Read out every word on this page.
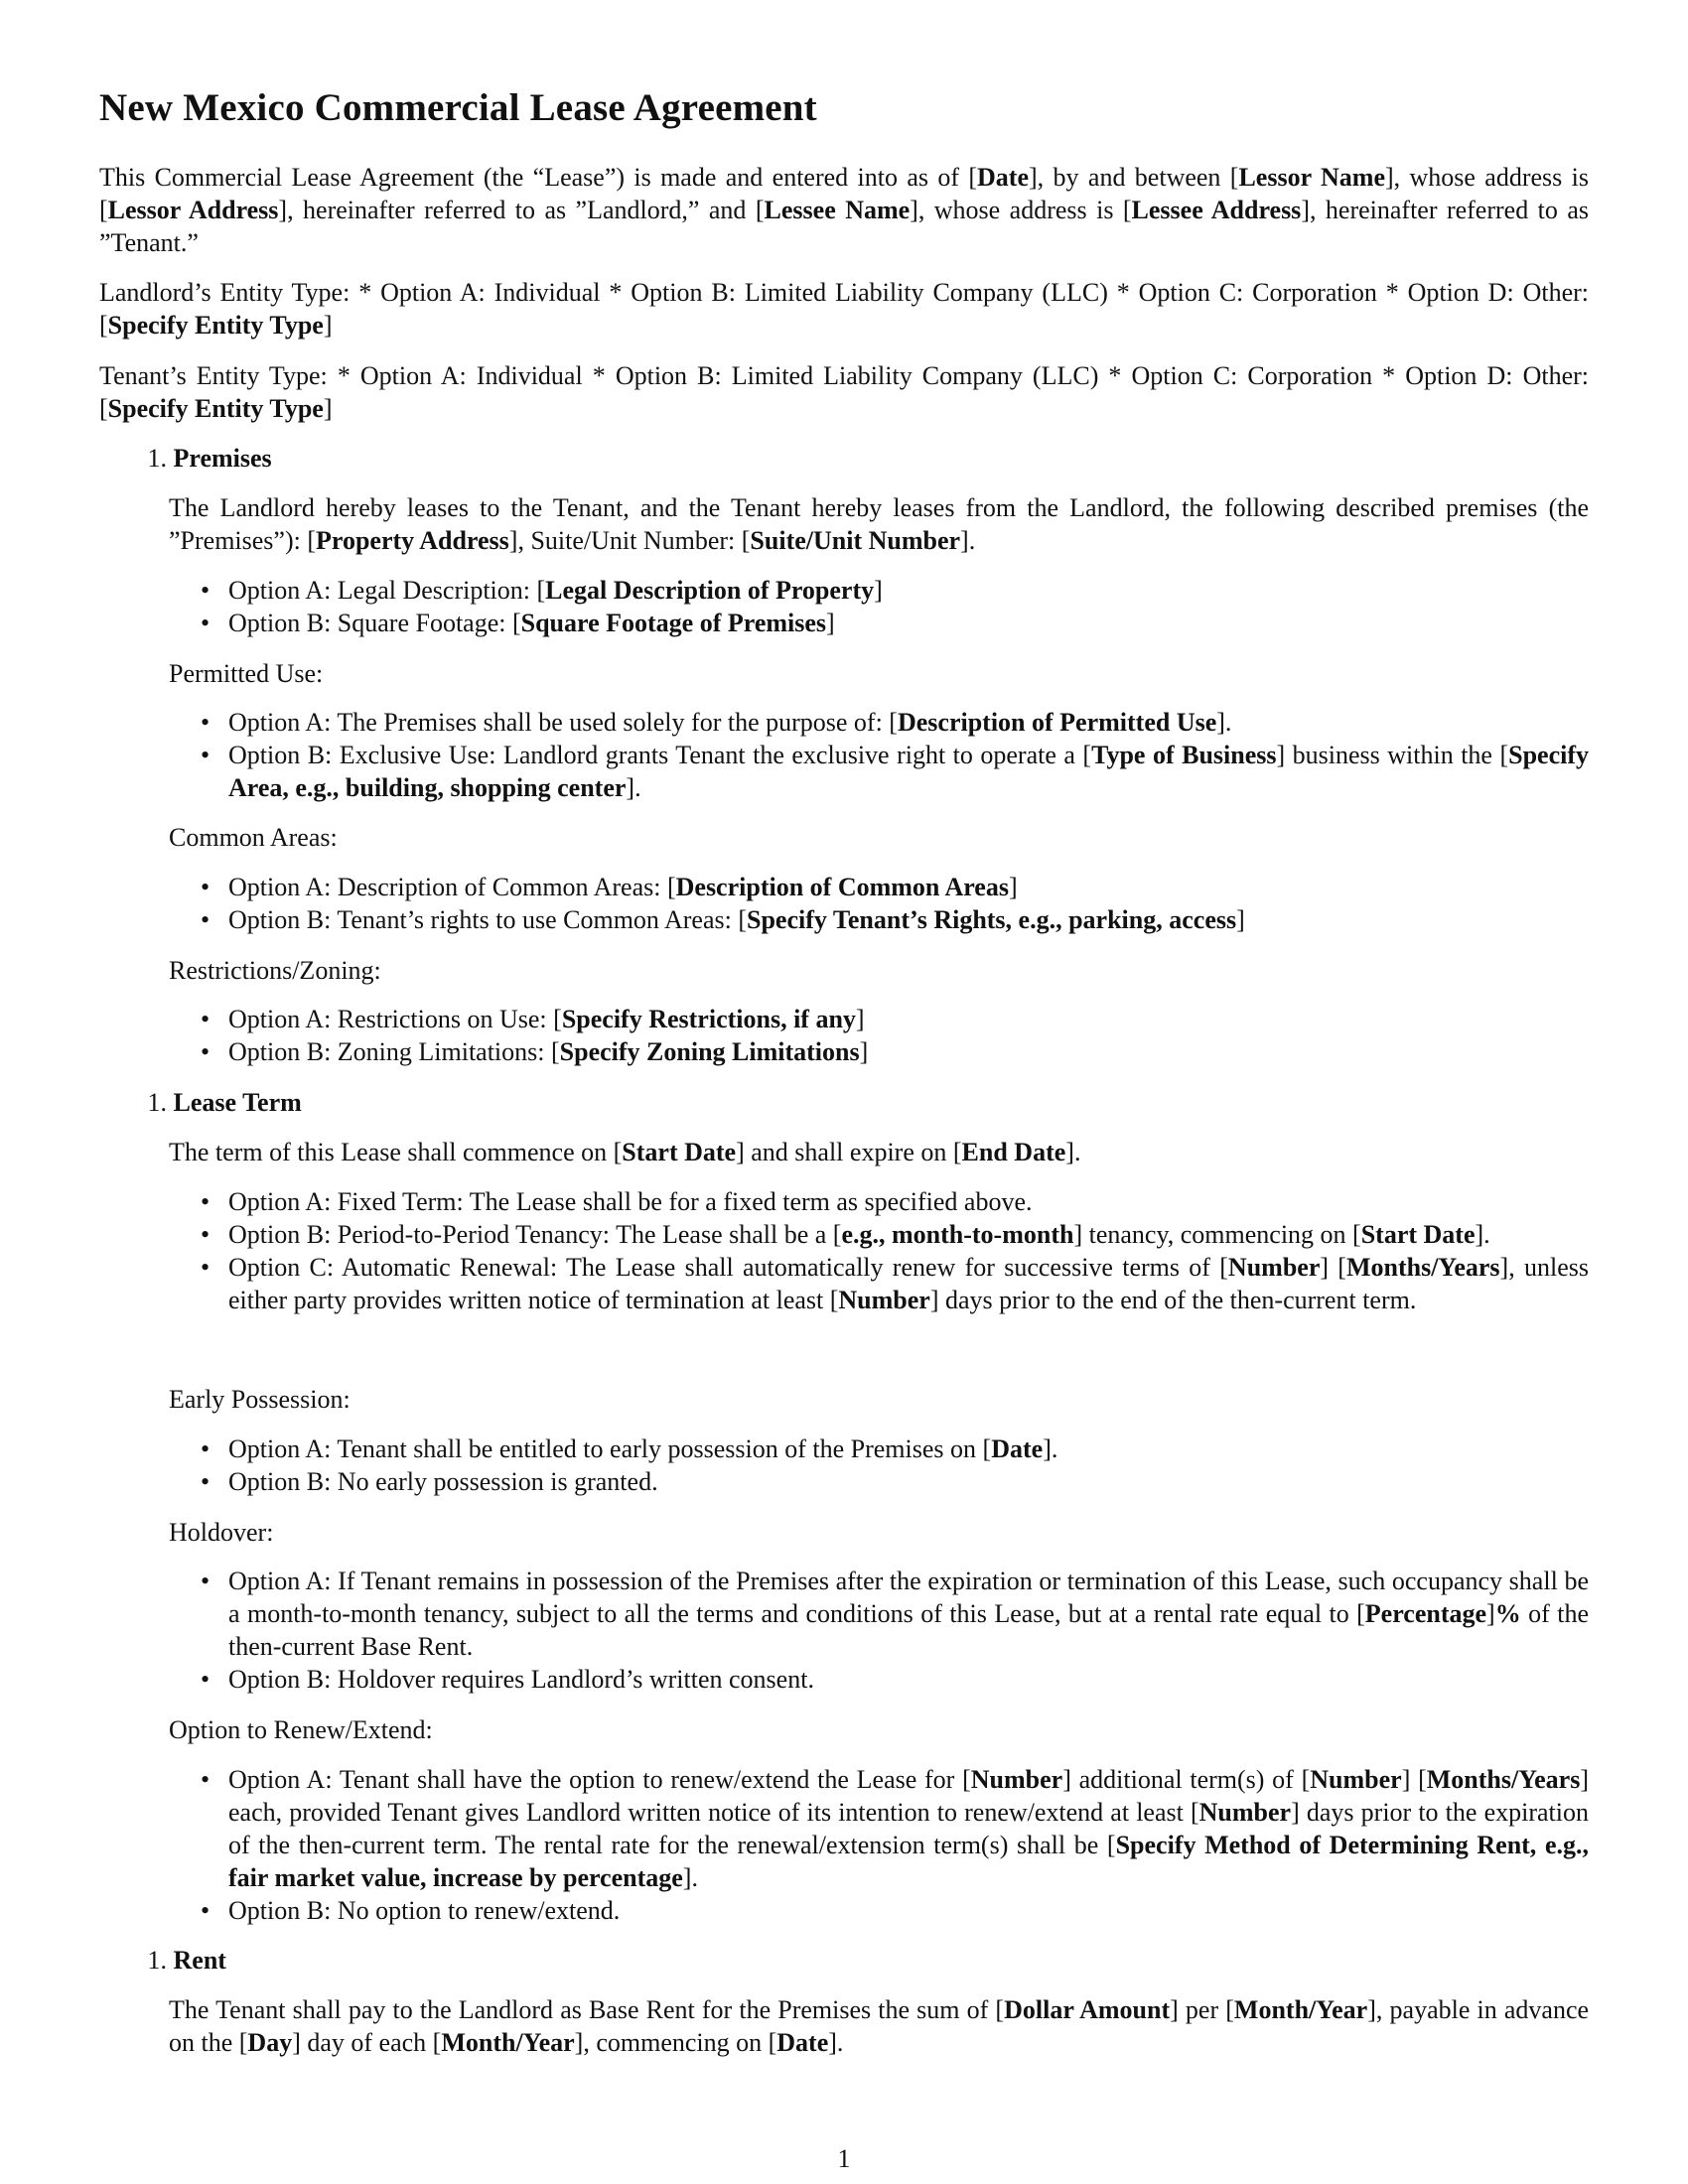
New Mexico Commercial Lease Agreement

This Commercial Lease Agreement (the “Lease”) is made and entered into as of [Date], by and between [Lessor Name], whose address is [Lessor Address], hereinafter referred to as ”Landlord,” and [Lessee Name], whose address is [Lessee Address], hereinafter referred to as ”Tenant.”

Landlord’s Entity Type: * Option A: Individual * Option B: Limited Liability Company (LLC) * Option C: Corporation * Option D: Other: [Specify Entity Type]

Tenant’s Entity Type: * Option A: Individual * Option B: Limited Liability Company (LLC) * Option C: Corporation * Option D: Other: [Specify Entity Type]

1. Premises

The Landlord hereby leases to the Tenant, and the Tenant hereby leases from the Landlord, the following described premises (the ”Premises”): [Property Address], Suite/Unit Number: [Suite/Unit Number].

• Option A: Legal Description: [Legal Description of Property]
• Option B: Square Footage: [Square Footage of Premises]
Permitted Use:
• Option A: The Premises shall be used solely for the purpose of: [Description of Permitted Use].
• Option B: Exclusive Use: Landlord grants Tenant the exclusive right to operate a [Type of Business] business within the [Specify Area, e.g., building, shopping center].
Common Areas:
• Option A: Description of Common Areas: [Description of Common Areas]
• Option B: Tenant’s rights to use Common Areas: [Specify Tenant’s Rights, e.g., parking, access]
Restrictions/Zoning:
• Option A: Restrictions on Use: [Specify Restrictions, if any]
• Option B: Zoning Limitations: [Specify Zoning Limitations]
1. Lease Term

The term of this Lease shall commence on [Start Date] and shall expire on [End Date].

• Option A: Fixed Term: The Lease shall be for a fixed term as specified above.
• Option B: Period-to-Period Tenancy: The Lease shall be a [e.g., month-to-month] tenancy, commencing on [Start Date].
• Option C: Automatic Renewal: The Lease shall automatically renew for successive terms of [Number] [Months/Years], unless either party provides written notice of termination at least [Number] days prior to the end of the then-current term.
Early Possession:
• Option A: Tenant shall be entitled to early possession of the Premises on [Date].
• Option B: No early possession is granted.
Holdover:
• Option A: If Tenant remains in possession of the Premises after the expiration or termination of this Lease, such occupancy shall be a month-to-month tenancy, subject to all the terms and conditions of this Lease, but at a rental rate equal to [Percentage]% of the then-current Base Rent.
• Option B: Holdover requires Landlord’s written consent.
Option to Renew/Extend:
• Option A: Tenant shall have the option to renew/extend the Lease for [Number] additional term(s) of [Number] [Months/Years] each, provided Tenant gives Landlord written notice of its intention to renew/extend at least [Number] days prior to the expiration of the then-current term. The rental rate for the renewal/extension term(s) shall be [Specify Method of Determining Rent, e.g., fair market value, increase by percentage].
• Option B: No option to renew/extend.
1. Rent

The Tenant shall pay to the Landlord as Base Rent for the Premises the sum of [Dollar Amount] per [Month/Year], payable in advance on the [Day] day of each [Month/Year], commencing on [Date].

1
